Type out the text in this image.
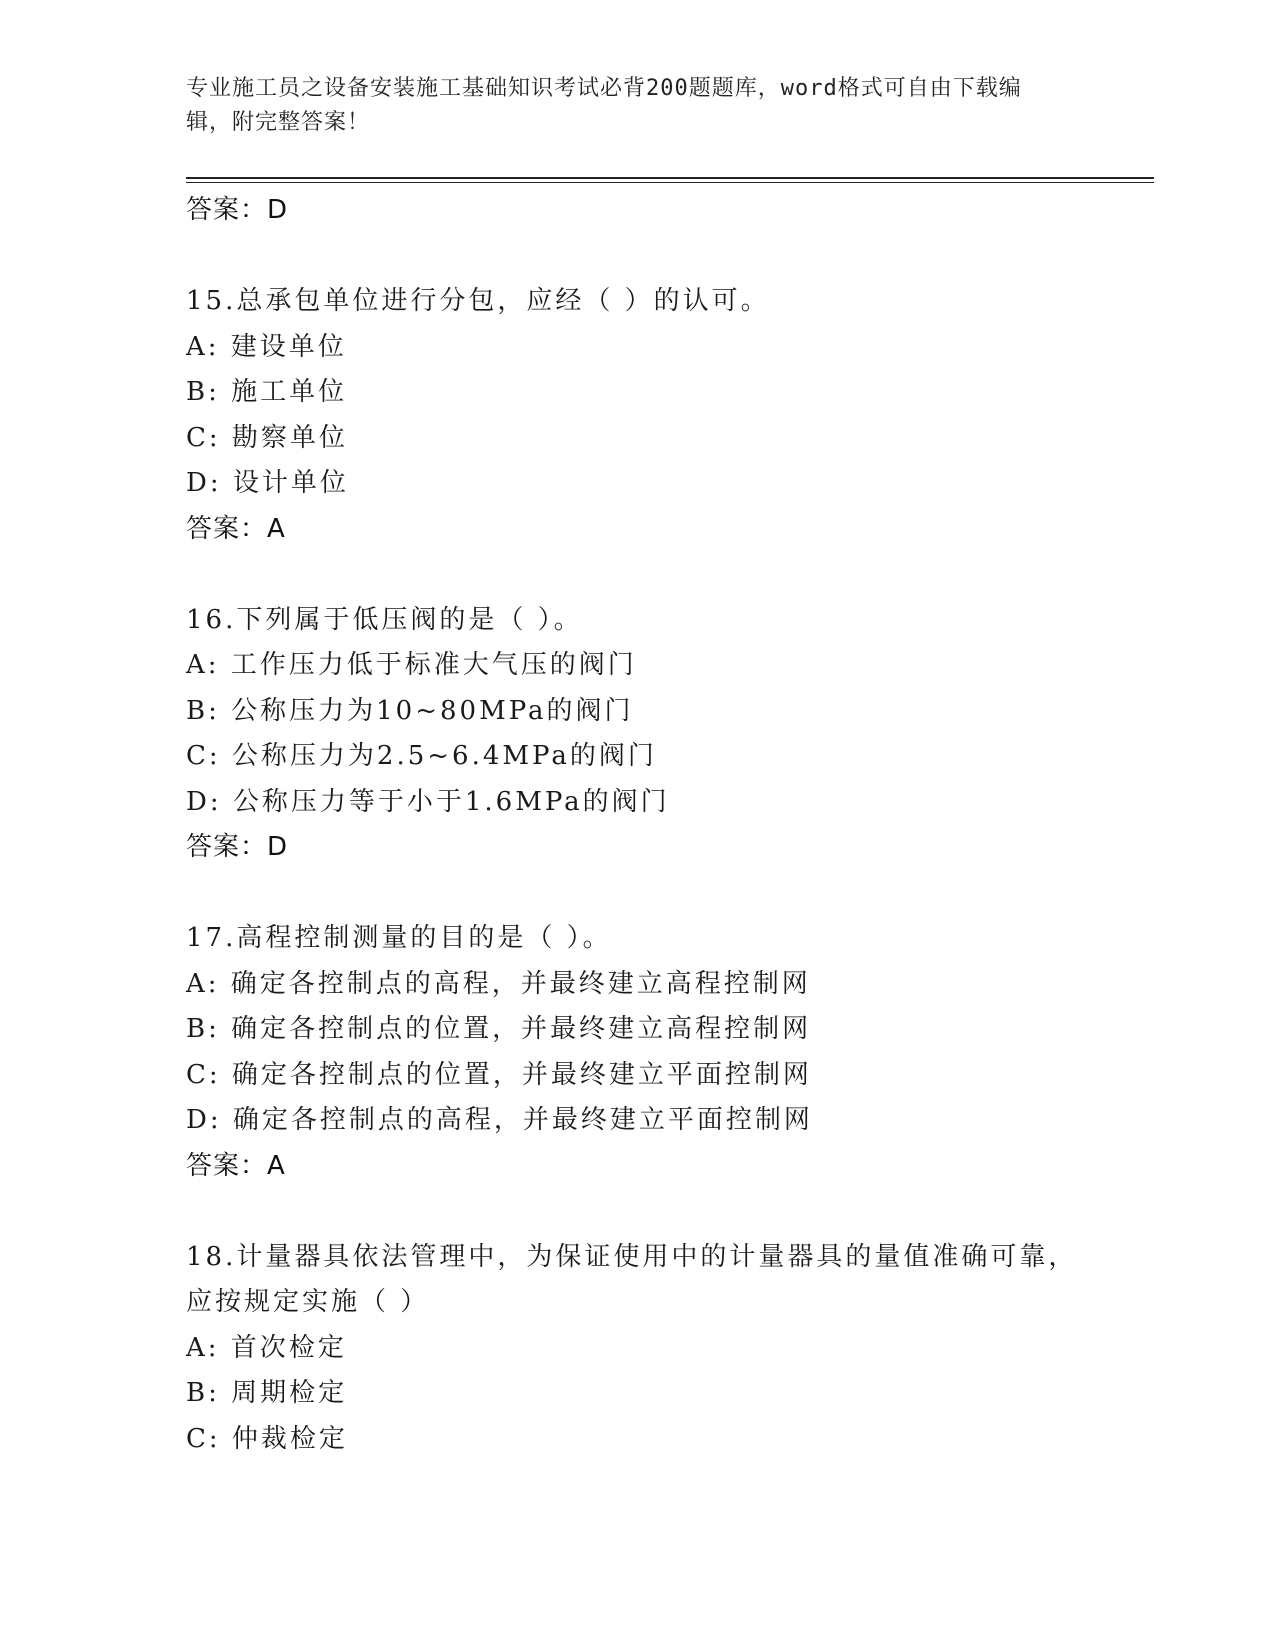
专业施工员之设备安装施工基础知识考试必背200题题库，word格式可自由下载编辑，附完整答案！
答案：D
15.总承包单位进行分包，应经（ ）的认可。
A: 建设单位
B: 施工单位
C: 勘察单位
D: 设计单位
答案：A
16.下列属于低压阀的是（ ）。
A: 工作压力低于标准大气压的阀门
B: 公称压力为10~80MPa的阀门
C: 公称压力为2.5~6.4MPa的阀门
D: 公称压力等于小于1.6MPa的阀门
答案：D
17.高程控制测量的目的是（ ）。
A: 确定各控制点的高程，并最终建立高程控制网
B: 确定各控制点的位置，并最终建立高程控制网
C: 确定各控制点的位置，并最终建立平面控制网
D: 确定各控制点的高程，并最终建立平面控制网
答案：A
18.计量器具依法管理中，为保证使用中的计量器具的量值准确可靠，
应按规定实施（ ）
A: 首次检定
B: 周期检定
C: 仲裁检定
